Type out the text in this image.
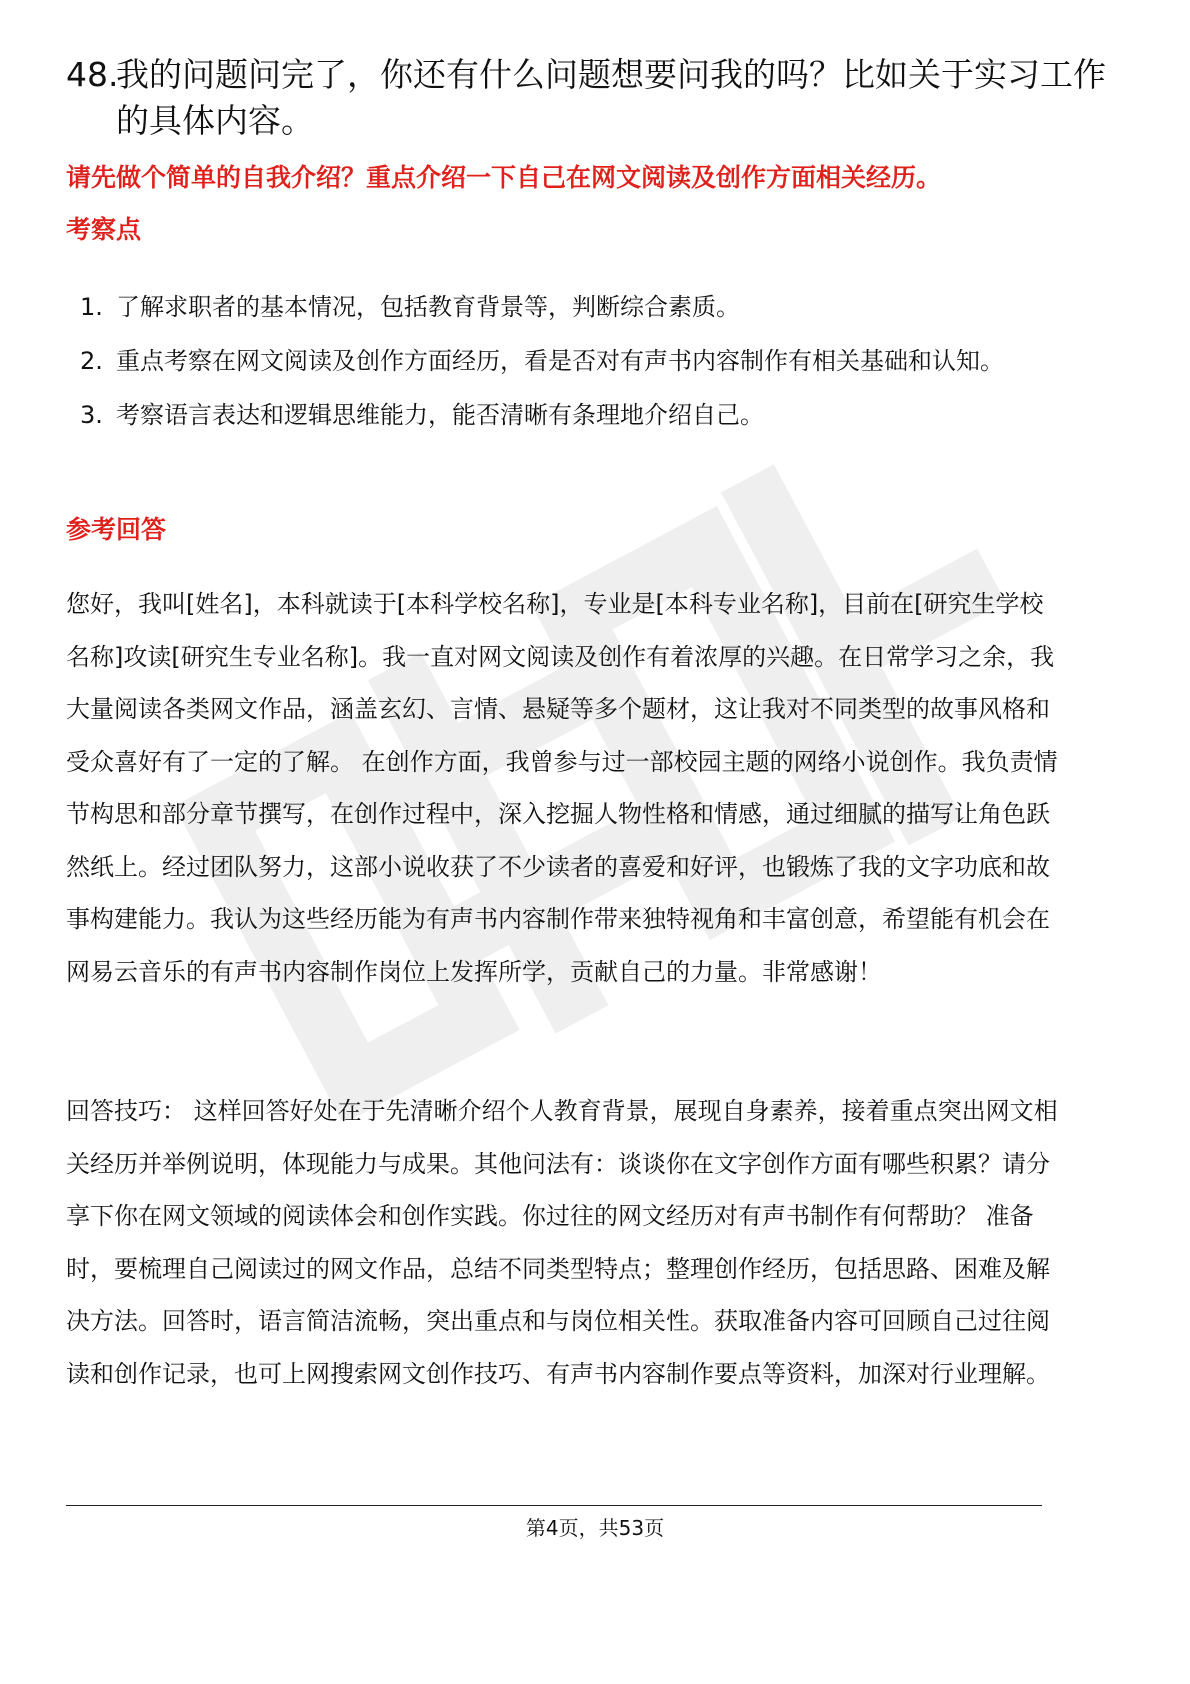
48.
我的问题问完了，你还有什么问题想要问我的吗？比如关于实习工作的具体内容。
请先做个简单的自我介绍？重点介绍一下自己在网文阅读及创作方面相关经历。
考察点
1. 了解求职者的基本情况，包括教育背景等，判断综合素质。
2. 重点考察在网文阅读及创作方面经历，看是否对有声书内容制作有相关基础和认知。
3. 考察语言表达和逻辑思维能力，能否清晰有条理地介绍自己。
参考回答

您好，我叫[姓名]，本科就读于[本科学校名称]，专业是[本科专业名称]，目前在[研究生学校名称]攻读[研究生专业名称]。我一直对网文阅读及创作有着浓厚的兴趣。在日常学习之余，我大量阅读各类网文作品，涵盖玄幻、言情、悬疑等多个题材，这让我对不同类型的故事风格和受众喜好有了一定的了解。 在创作方面，我曾参与过一部校园主题的网络小说创作。我负责情节构思和部分章节撰写，在创作过程中，深入挖掘人物性格和情感，通过细腻的描写让角色跃然纸上。经过团队努力，这部小说收获了不少读者的喜爱和好评，也锻炼了我的文字功底和故事构建能力。我认为这些经历能为有声书内容制作带来独特视角和丰富创意，希望能有机会在网易云音乐的有声书内容制作岗位上发挥所学，贡献自己的力量。非常感谢！

回答技巧： 这样回答好处在于先清晰介绍个人教育背景，展现自身素养，接着重点突出网文相关经历并举例说明，体现能力与成果。其他问法有：谈谈你在文字创作方面有哪些积累？请分享下你在网文领域的阅读体会和创作实践。你过往的网文经历对有声书制作有何帮助？ 准备时，要梳理自己阅读过的网文作品，总结不同类型特点；整理创作经历，包括思路、困难及解决方法。回答时，语言简洁流畅，突出重点和与岗位相关性。获取准备内容可回顾自己过往阅读和创作记录，也可上网搜索网文创作技巧、有声书内容制作要点等资料，加深对行业理解。

第4页，共53页
